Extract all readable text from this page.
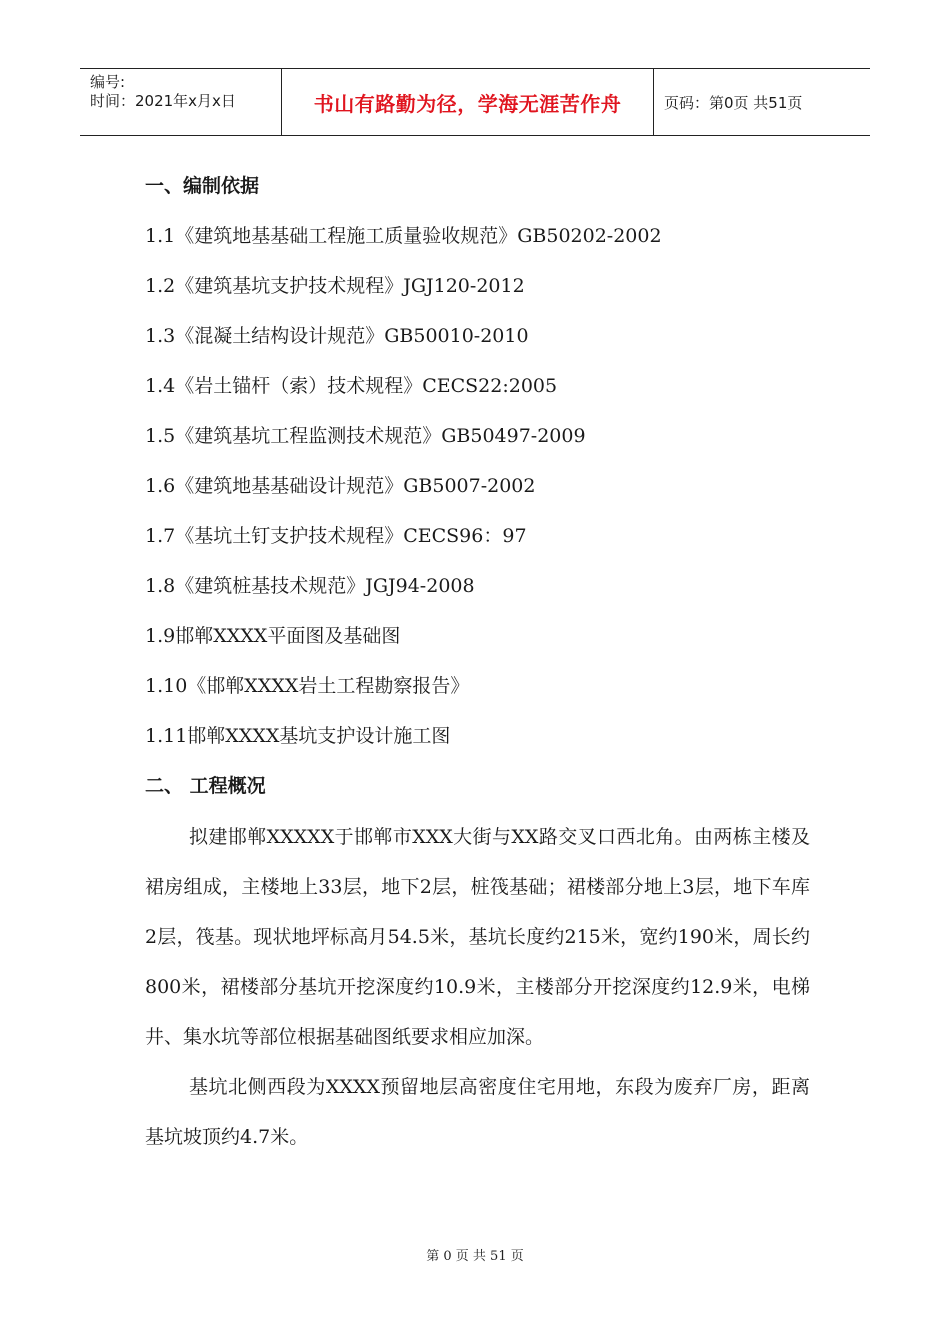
编号:
时间：2021年x月x日	书山有路勤为径，学海无涯苦作舟	页码：第0页 共51页
一、编制依据
1.1《建筑地基基础工程施工质量验收规范》GB50202-2002
1.2《建筑基坑支护技术规程》JGJ120-2012
1.3《混凝土结构设计规范》GB50010-2010
1.4《岩土锚杆（索）技术规程》CECS22:2005
1.5《建筑基坑工程监测技术规范》GB50497-2009
1.6《建筑地基基础设计规范》GB5007-2002
1.7《基坑土钉支护技术规程》CECS96：97
1.8《建筑桩基技术规范》JGJ94-2008
1.9邯郸XXXX平面图及基础图
1.10《邯郸XXXX岩土工程勘察报告》
1.11邯郸XXXX基坑支护设计施工图
二、 工程概况

拟建邯郸XXXXX于邯郸市XXX大街与XX路交叉口西北角。由两栋主楼及裙房组成，主楼地上33层，地下2层，桩筏基础；裙楼部分地上3层，地下车库2层，筏基。现状地坪标高月54.5米，基坑长度约215米，宽约190米，周长约800米，裙楼部分基坑开挖深度约10.9米，主楼部分开挖深度约12.9米，电梯井、集水坑等部位根据基础图纸要求相应加深。

基坑北侧西段为XXXX预留地层高密度住宅用地，东段为废弃厂房，距离基坑坡顶约4.7米。

第 0 页 共 51 页
